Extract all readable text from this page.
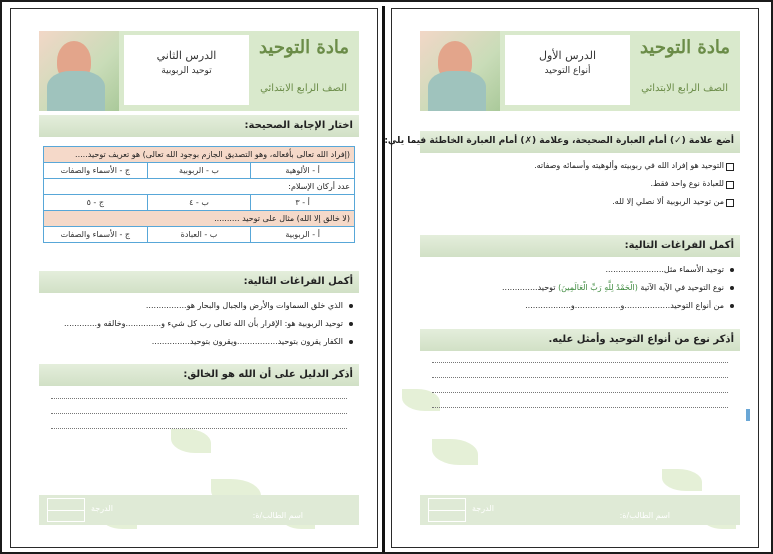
مادة التوحيد
الصف الرابع الابتدائي
الدرس الثاني
توحيد الربوبية
اختار الإجابة الصحيحة:
(إفراد الله تعالى بأفعاله، وهو التصديق الجازم بوجود الله تعالى) هو تعريف توحيد.....
أ - الألوهية
ب - الربوبية
ج - الأسماء والصفات
عدد أركان الإسلام:
أ - ٣
ب - ٤
ج - ٥
(لا خالق إلا الله) مثال على توحيد ..........
أ - الربوبية
ب - العبادة
ج - الأسماء والصفات
أكمل الفراغات التالية:
الذي خلق السماوات والأرض والجبال والبحار هو................
توحيد الربوبية هو: الإقرار بأن الله تعالى رب كل شيء و..............وخالقه و.............
الكفار يقرون بتوحيد................ويقرون بتوحيد...............
أذكر الدليل على أن الله هو الخالق:
الدرجة
اسم الطالب/ة:
مادة التوحيد
الصف الرابع الابتدائي
الدرس الأول
أنواع التوحيد
أضع علامة (✓) أمام العبارة الصحيحة، وعلامة (✗) أمام العبارة الخاطئة فيما يلي:
التوحيد هو إفراد الله في ربوبيته وألوهيته وأسمائه وصفاته.
للعبادة نوع واحد فقط.
من توحيد الربوبية ألا نصلي إلا لله.
أكمل الفراغات التالية:
توحيد الأسماء مثل.......................
نوع التوحيد في الآية الآتية (الْحَمْدُ لِلَّهِ رَبِّ الْعَالَمِينَ) توحيد..............
من أنواع التوحيد..................و..................و..................
أذكر نوع من أنواع التوحيد وأمثل عليه.
الدرجة
اسم الطالب/ة:
